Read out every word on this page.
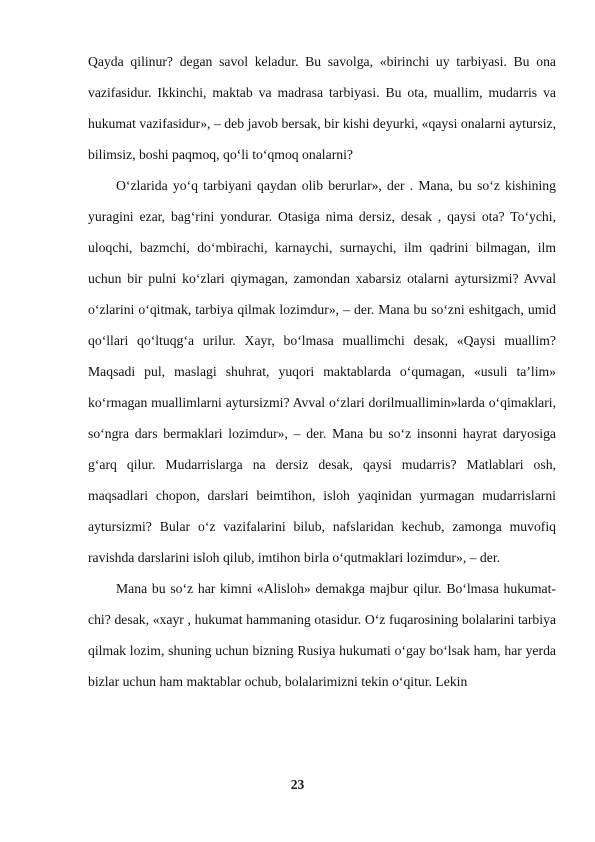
Qayda qilinur? degan savol keladur. Bu savolga, «birinchi uy tarbiyasi. Bu ona vazifasidur. Ikkinchi, maktab va madrasa tarbiyasi. Bu ota, muallim, mudarris va hukumat vazifasidur», – deb javob bersak, bir kishi deyurki, «qaysi onalarni aytursiz, bilimsiz, boshi paqmoq, qo‘li to‘qmoq onalarni?

O‘zlarida yo‘q tarbiyani qaydan olib berurlar», der . Mana, bu so‘z kishining yuragini ezar, bag‘rini yondurar. Otasiga nima dersiz, desak , qaysi ota? To‘ychi, uloqchi, bazmchi, do‘mbirachi, karnaychi, surnaychi, ilm qadrini bilmagan, ilm uchun bir pulni ko‘zlari qiymagan, zamondan xabarsiz otalarni aytursizmi? Avval o‘zlarini o‘qitmak, tarbiya qilmak lozimdur», – der. Mana bu so‘zni eshitgach, umid qo‘llari qo‘ltuqg‘a urilur. Xayr, bo‘lmasa muallimchi desak, «Qaysi muallim? Maqsadi pul, maslagi shuhrat, yuqori maktablarda o‘qumagan, «usuli ta’lim» ko‘rmagan muallimlarni aytursizmi? Avval o‘zlari dorilmuallimin»larda o‘qimaklari, so‘ngra dars bermaklari lozimdur», – der. Mana bu so‘z insonni hayrat daryosiga g‘arq qilur. Mudarrislarga na dersiz desak, qaysi mudarris? Matlablari osh, maqsadlari chopon, darslari beimtihon, isloh yaqinidan yurmagan mudarrislarni aytursizmi? Bular o‘z vazifalarini bilub, nafslaridan kechub, zamonga muvofiq ravishda darslarini isloh qilub, imtihon birla o‘qutmaklari lozimdur», – der.

Mana bu so‘z har kimni «Alisloh» demakga majbur qilur. Bo‘lmasa hukumat-chi? desak, «xayr , hukumat hammaning otasidur. O‘z fuqarosining bolalarini tarbiya qilmak lozim, shuning uchun bizning Rusiya hukumati o‘gay bo‘lsak ham, har yerda bizlar uchun ham maktablar ochub, bolalarimizni tekin o‘qitur. Lekin

23
